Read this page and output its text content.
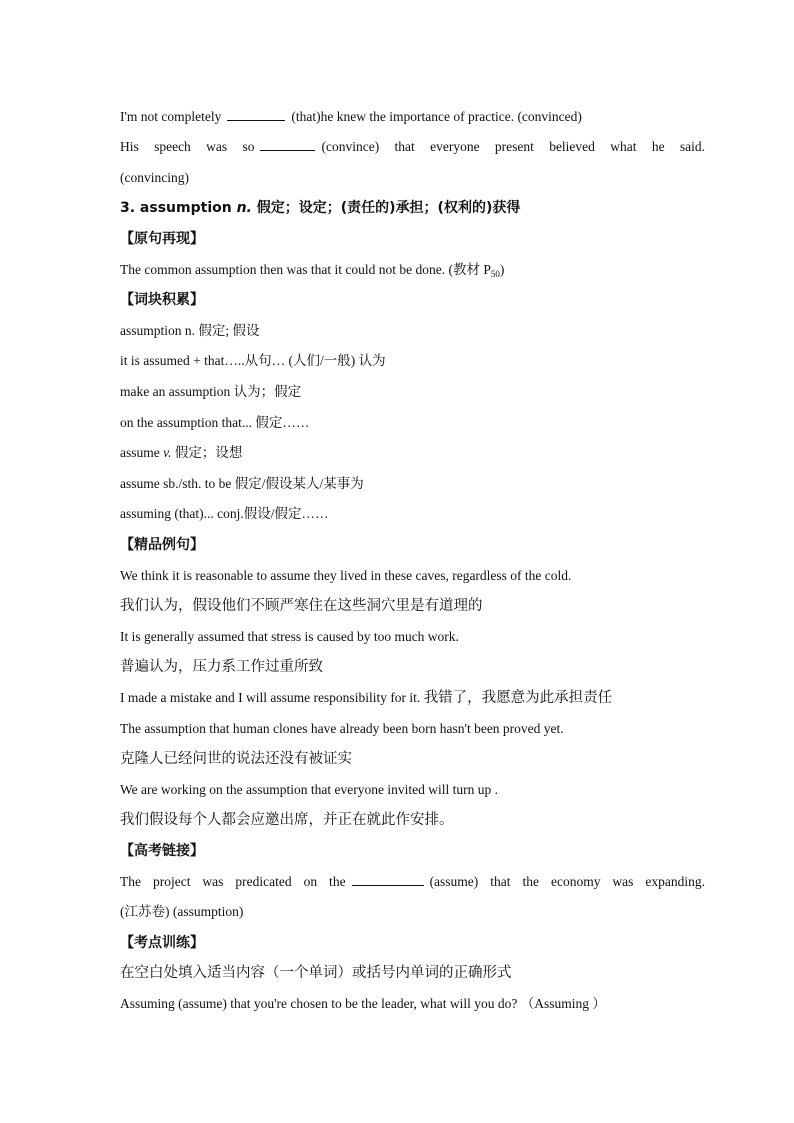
I'm not completely	(that)he knew the importance of practice. (convinced)
His speech was so	(convince) that everyone present believed what he said.
(convincing)
3. assumption n. 假定；设定；(责任的)承担；(权利的)获得
【原句再现】
The common assumption then was that it could not be done. (教材 $P_{50}$)
【词块积累】
assumption n. 假定; 假设
it is assumed + that…..从句… (人们/一般) 认为
make an assumption 认为；假定
on the assumption that... 假定……
assume v. 假定；设想
assume sb./sth. to be 假定/假设某人/某事为
assuming (that)... conj.假设/假定……
【精品例句】
We think it is reasonable to assume they lived in these caves, regardless of the cold.
我们认为，假设他们不顾严寒住在这些洞穴里是有道理的
It is generally assumed that stress is caused by too much work.
普遍认为，压力系工作过重所致
I made a mistake and I will assume responsibility for it. 我错了，我愿意为此承担责任
The assumption that human clones have already been born hasn't been proved yet.
克隆人已经问世的说法还没有被证实
We are working on the assumption that everyone invited will turn up .
我们假设每个人都会应邀出席，并正在就此作安排。
【高考链接】
The project was predicated on the	(assume) that the economy was expanding.
(江苏卷) (assumption)
【考点训练】
在空白处填入适当内容（一个单词）或括号内单词的正确形式
Assuming (assume) that you're chosen to be the leader, what will you do? （Assuming ）
